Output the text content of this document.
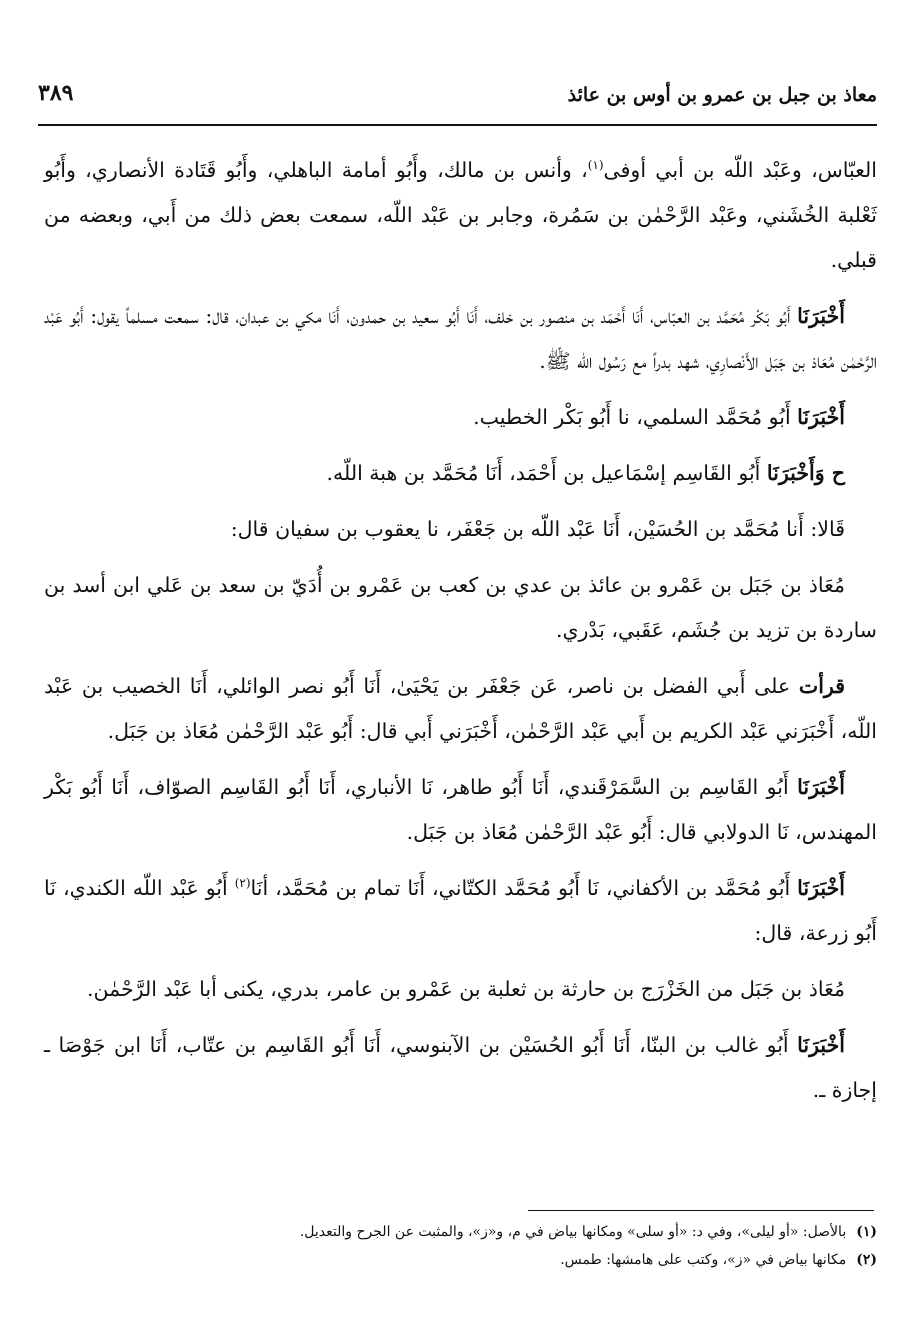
معاذ بن جبل بن عمرو بن أوس بن عائذ
٣٨٩

العبّاس، وعَبْد اللّه بن أبي أوفى$^{(١)}$، وأنس بن مالك، وأَبُو أمامة الباهلي، وأَبُو قَتَادة الأنصاري، وأَبُو ثَعْلبة الخُشَني، وعَبْد الرَّحْمٰن بن سَمُرة، وجابر بن عَبْد اللّه، سمعت بعض ذلك من أَبي، وبعضه من قبلي.

أَخْبَرَنَا أَبُو بَكْر مُحَمَّد بن العبّاس، أَنَا أَحْمَد بن منصور بن خلف، أَنَا أَبُو سعيد بن حمدون، أَنَا مكي بن عبدان، قال: سمعت مسلماً يقول: أَبُو عَبْد الرَّحْمٰن مُعَاذ بن جَبَل الأَنْصارِي، شهد بدراً مع رَسُول الله ﷺ.

أَخْبَرَنَا أَبُو مُحَمَّد السلمي، نا أَبُو بَكْر الخطيب.

ح وَأَخْبَرَنَا أَبُو القَاسِم إسْمَاعيل بن أَحْمَد، أَنَا مُحَمَّد بن هبة اللّه.

قَالا: أَنا مُحَمَّد بن الحُسَيْن، أَنَا عَبْد اللّه بن جَعْفَر، نا يعقوب بن سفيان قال:

مُعَاذ بن جَبَل بن عَمْرو بن عائذ بن عدي بن كعب بن عَمْرو بن أُدَيّ بن سعد بن عَلي ابن أسد بن ساردة بن تزيد بن جُشَم، عَقَبي، بَدْري.

قرأت على أَبي الفضل بن ناصر، عَن جَعْفَر بن يَحْيَىٰ، أَنَا أَبُو نصر الوائلي، أَنَا الخصيب بن عَبْد اللّه، أَخْبَرَني عَبْد الكريم بن أَبي عَبْد الرَّحْمٰن، أَخْبَرَني أَبي قال: أَبُو عَبْد الرَّحْمٰن مُعَاذ بن جَبَل.

أَخْبَرَنَا أَبُو القَاسِم بن السَّمَرْقَندي، أَنَا أَبُو طاهر، نَا الأنباري، أَنَا أَبُو القَاسِم الصوّاف، أَنَا أَبُو بَكْر المهندس، نَا الدولابي قال: أَبُو عَبْد الرَّحْمٰن مُعَاذ بن جَبَل.

أَخْبَرَنَا أَبُو مُحَمَّد بن الأكفاني، نَا أَبُو مُحَمَّد الكتّاني، أَنَا تمام بن مُحَمَّد، أنَا$^{(٢)}$ أَبُو عَبْد اللّه الكندي، نَا أَبُو زرعة، قال:

مُعَاذ بن جَبَل من الخَزْرَج بن حارثة بن ثعلبة بن عَمْرو بن عامر، بدري، يكنى أبا عَبْد الرَّحْمٰن.

أَخْبَرَنَا أَبُو غالب بن البنّا، أَنَا أَبُو الحُسَيْن بن الآبنوسي، أَنَا أَبُو القَاسِم بن عتّاب، أَنَا ابن جَوْصَا ـ إجازة ـ.

(١)بالأصل: «أو ليلى»، وفي د: «أو سلى» ومكانها بياض في م، و«ز»، والمثبت عن الجرح والتعديل.
(٢)مكانها بياض في «ز»، وكتب على هامشها: طمس.
